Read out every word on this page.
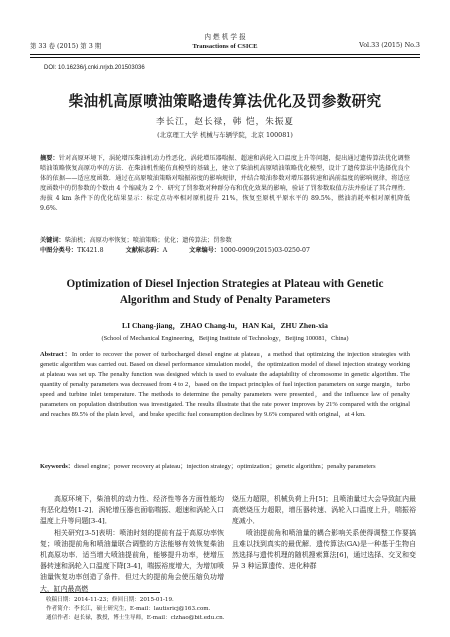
第 33 卷 (2015) 第 3 期
内 燃 机 学 报
Transactions of CSICE	Vol.33 (2015) No.3
DOI: 10.16236/j.cnki.nrjxb.201503036
柴油机高原喷油策略遗传算法优化及罚参数研究
李长江，赵长禄，韩 恺，朱振夏
(北京理工大学 机械与车辆学院，北京 100081)
摘要：针对高原环境下，涡轮增压柴油机动力性恶化、涡轮增压器喘振、超速和涡轮入口温度上升等问题，提出通过遗传算法优化调整喷油策略恢复高原功率的方法．在柴油机性能仿真模型的基础上，建立了柴油机高原喷油策略优化模型，设计了遗传算法中选择优良个体的依据——适应度函数．通过在高原喷油策略对喘振裕度的影响规律，并结合喷油参数对增压器转速和涡前温度的影响规律，将适应度函数中的罚参数的个数由 4 个缩减为 2 个．研究了罚参数对种群分布和优化效果的影响，验证了罚参数取值方法并验证了其合理性．海拔 4 km 条件下的优化结果显示：标定点功率相对原机提升 21%，恢复至原机平原水平的 89.5%，燃油消耗率相对原机降低 9.6%．
关键词：柴油机；高原功率恢复；喷油策略；优化；遗传算法；罚参数
中图分类号：TK421.8	文献标志码：A	文章编号：1000-0909(2015)03-0250-07
Optimization of Diesel Injection Strategies at Plateau with Genetic
Algorithm and Study of Penalty Parameters
LI Chang-jiang，ZHAO Chang-lu，HAN Kai，ZHU Zhen-xia
(School of Mechanical Engineering，Beijing Institute of Technology，Beijing 100081，China)
Abstract：In order to recover the power of turbocharged diesel engine at plateau，a method that optimizing the injection strategies with genetic algorithm was carried out. Based on diesel performance simulation model，the optimization model of diesel injection strategy working at plateau was set up. The penalty function was designed which is used to evaluate the adaptability of chromosome in genetic algorithm. The quantity of penalty parameters was decreased from 4 to 2，based on the impact principles of fuel injection parameters on surge margin，turbo speed and turbine inlet temperature. The methods to determine the penalty parameters were presented，and the influence law of penalty parameters on population distribution was investigated. The results illustrate that the rate power improves by 21% compared with the original and reaches 89.5% of the plain level，and brake specific fuel consumption declines by 9.6% compared with original，at 4 km.
Keywords：diesel engine；power recovery at plateau；injection strategy；optimization；genetic algorithm；penalty parameters

高原环境下，柴油机的动力性、经济性等各方面性能均有恶化趋势[1-2]．涡轮增压器也面临喘振、超速和涡轮入口温度上升等问题[3-4]．

相关研究[3-5]表明：喷油时刻的提前有益于高原功率恢复；喷油提前角和喷油量联合调整的方法能够有效恢复柴油机高原功率．适当增大喷油提前角，能够提升功率，使增压器转速和涡轮入口温度下降[3-4]，喘振裕度增大，为增加喷油量恢复功率创造了条件．但过大的提前角会使压缩负功增大，缸内最高燃

烧压力超限，机械负荷上升[5]；且喷油量过大会导致缸内最高燃烧压力超限，增压器转速、涡轮入口温度上升，喘振裕度减小．

喷油提前角和喷油量的耦合影响关系使得调整工作要搞且难以找到真实的最优解．遗传算法(GA)是一种基于生物自然选择与遗传机理的随机搜索算法[6]，通过选择、交叉和变异 3 种运算遗传、进化种群

收稿日期：2014-11-23；修回日期：2015-01-19.
作者简介：李长江，硕士研究生，E-mail：lautisricj@163.com.
通信作者：赵长禄，教授，博士生导师，E-mail：clzhao@bit.edu.cn.
